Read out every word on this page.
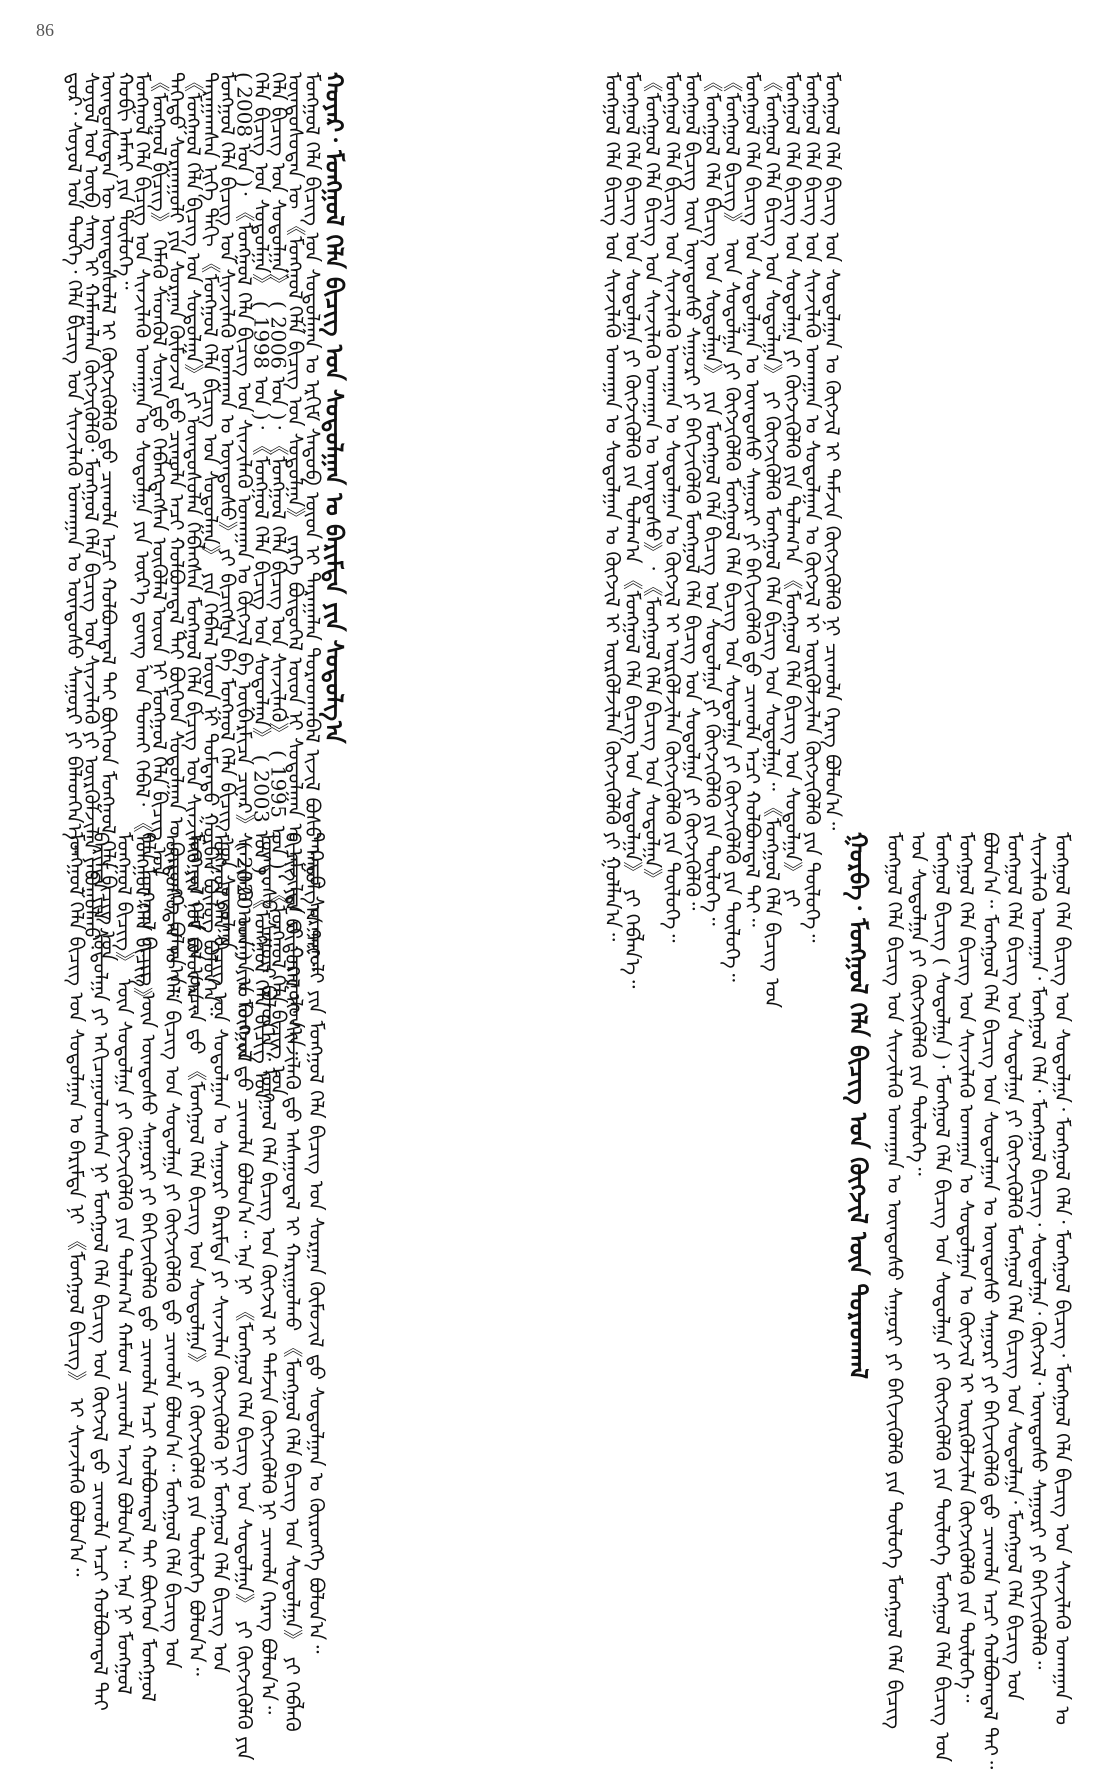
86
ᠳ᠋ᠤᠷ᠂ ᠰᠣᠶᠣᠯ ᠤᠨ ᠲᠡᠦᠬᠡ᠂ ᠬᠡᠯᠡ ᠪᠢᠴᠢᠭ ᠤᠨ ᠰᠢᠨᠵᠢᠯᠡᠬᠦ ᠤᠬᠠᠭᠠᠨ ᠤ ᠦᠨᠳᠦᠰᠦ ᠰᠠᠭᠤᠷᠢ ᠶᠢ ᠪᠡᠯᠡᠳᠬᠡᠨ᠎ᠡ᠃
ᠰᠣᠶᠣᠯ ᠤᠨ ᠦᠪ ᠰᠠᠩ ᠢ ᠬᠠᠮᠠᠭᠠᠯᠠᠨ ᠬᠥᠭᠵᠢᠭᠦᠯᠬᠦ᠂ ᠮᠣᠩᠭᠣᠯ ᠬᠡᠯᠡ ᠪᠢᠴᠢᠭ ᠤᠨ ᠰᠢᠨᠵᠢᠯᠡᠬᠦ ᠶᠢ ᠦᠷᠭᠦᠯᠵᠢᠯᠡᠨ ᠶᠠᠪᠤᠭᠤᠯᠬᠤ᠂
ᠦᠨᠳᠦᠰᠦᠲᠡᠨ ᠦ ᠦᠨᠳᠦᠰᠦᠯᠡᠯ ᠢ ᠬᠥᠭᠵᠢᠭᠦᠯᠬᠦ ᠳ᠋ᠤ ᠴᠢᠬᠤᠯᠠ ᠠᠴᠢ ᠬᠣᠯᠪᠣᠭᠳᠠᠯ ᠲᠠᠢ ᠪᠥᠭᠡᠳ ᠮᠣᠩᠭᠣᠯ ᠬᠡᠯᠡ ᠪᠢᠴᠢᠭ ᠤᠨ
ᠬᠣᠪᠢ ᠨᠡᠮᠡᠷᠢ ᠶᠢᠨ ᠲᠥᠯᠥᠭᠡ᠃
ᠮᠣᠩᠭᠣᠯ ᠬᠡᠯᠡ ᠪᠢᠴᠢᠭ ᠤᠨ ᠰᠢᠨᠵᠢᠯᠡᠬᠦ ᠤᠬᠠᠭᠠᠨ ᠤ ᠰᠤᠳᠤᠯᠭᠠ ᠶᠢᠨ ᠦᠷ᠎ᠡ ᠳ᠋ᠦᠩ ᠤᠨ ᠲᠤᠬᠠᠢ ᠭᠡᠪᠡᠯ᠂ 《ᠮᠣᠩᠭᠣᠯ ᠬᠡᠯᠡ ᠪᠢᠴᠢᠭ᠌》
《ᠮᠣᠩᠭᠣᠯ ᠪᠢᠴᠢᠭ᠌》 ᠬᠡᠮᠡᠬᠦ ᠰᠡᠳᠬᠦᠯ ᠰᠣᠨᠢᠨ ᠳ᠋ᠤ ᠬᠡᠪᠯᠡᠭᠳᠡᠭᠰᠡᠨ ᠥᠭᠦᠯᠡᠯ ᠦᠳ ᠨᠢ ᠮᠣᠩᠭᠣᠯ ᠬᠡᠯᠡ ᠪᠢᠴᠢᠭ ᠤᠨ
ᠳᠡᠭᠡᠳᠦ ᠰᠤᠷᠭᠠᠭᠤᠯᠢ ᠶᠢᠨ ᠰᠤᠷᠭᠠᠨ ᠬᠦᠮᠦᠵᠢᠯ ᠳ᠋ᠦ ᠴᠢᠬᠤᠯᠠ ᠠᠴᠢ ᠬᠣᠯᠪᠣᠭᠳᠠᠯ ᠲᠠᠢ ᠪᠥᠭᠡᠳ ᠰᠤᠳᠤᠯᠭᠠᠨ ᠤ ᠬᠥᠷᠥᠩᠭᠡ ᠪᠣᠯᠤᠨ᠎ᠠ᠃
《ᠮᠣᠩᠭᠣᠯ ᠬᠡᠯᠡ ᠪᠢᠴᠢᠭ ᠤᠨ ᠰᠤᠳᠤᠯᠭᠠ》 ᠶᠢ ᠦᠨᠳᠦᠰᠦᠯᠡᠨ ᠬᠡᠪᠯᠡᠭᠰᠡᠨ ᠮᠣᠩᠭᠣᠯ ᠬᠡᠯᠡ ᠪᠢᠴᠢᠭ ᠤᠨ ᠰᠢᠨᠵᠢᠯᠡᠬᠦ ᠶᠢᠨ ᠨᠣᠮ ᠪᠣᠯᠤᠨ᠎ᠠ᠃
ᠲᠠᠷᠠᠭᠠᠭᠰᠠᠨ ᠨᠢᠭᠡ ᠳᠡᠬᠢ 《ᠮᠣᠩᠭᠣᠯ ᠬᠡᠯᠡ ᠪᠢᠴᠢᠭ ᠤᠨ ᠰᠤᠳᠤᠯᠭᠠ》 ᠶᠢᠨ ᠬᠡᠪᠯᠡᠯ ᠦᠳ ᠨᠢ ᠳᠤᠮᠳᠠᠳᠤ ᠭᠤᠷᠪᠠᠨ ᠪᠦᠯᠦᠭ ᠪᠣᠯᠤᠨ᠎ᠠ᠃
ᠮᠣᠩᠭᠣᠯ ᠬᠡᠯᠡ ᠪᠢᠴᠢᠭ ᠤᠨ ᠰᠢᠨᠵᠢᠯᠡᠬᠦ ᠤᠬᠠᠭᠠᠨ ᠤ ᠦᠨᠳᠦᠰᠦ》 ᠶᠢ ᠪᠢᠴᠢᠭᠰᠡᠨ ᠪᠠ ᠮᠣᠩᠭᠣᠯ ᠬᠡᠯᠡ ᠪᠢᠴᠢᠭ ᠤᠨ ᠰᠤᠳᠤᠯᠭᠠ
( 2008 ᠣᠨ )᠂ 《ᠮᠣᠩᠭᠣᠯ ᠬᠡᠯᠡ ᠪᠢᠴᠢᠭ ᠤᠨ ᠰᠢᠨᠵᠢᠯᠡᠬᠦ ᠤᠬᠠᠭᠠᠨ ᠤ ᠬᠥᠭᠵᠢᠯ ᠪᠠ ᠦᠪᠡᠷᠮᠢᠴᠡ ᠴᠢᠨᠠᠷ》 ( 2020 ᠣᠨ ) ᠶᠢᠨ ᠮᠣᠩᠭᠣᠯ
ᠬᠡᠯᠡ ᠪᠢᠴᠢᠭ ᠤᠨ ᠰᠤᠳᠤᠯᠭᠠ》 ( 1998 ᠣᠨ )᠂ 《ᠮᠣᠩᠭᠣᠯ ᠬᠡᠯᠡ ᠪᠢᠴᠢᠭ ᠤᠨ ᠰᠤᠳᠤᠯᠭᠠ》 ( 2003 ᠣᠨ )᠂ 《ᠮᠣᠩᠭᠣᠯ ᠬᠡᠯᠡ ᠪᠢᠴᠢᠭ ᠤᠨ
ᠬᠡᠯᠡ ᠪᠢᠴᠢᠭ ᠤᠨ ᠰᠤᠳᠤᠯᠭᠠ》 ( 2006 ᠣᠨ )᠂ 《ᠮᠣᠩᠭᠣᠯ ᠬᠡᠯᠡ ᠪᠢᠴᠢᠭ ᠤᠨ ᠰᠢᠨᠵᠢᠯᠡᠬᠦ》 ( 1995 ᠣᠨ )᠂ 《ᠮᠣᠩᠭᠣᠯ ᠬᠡᠯᠡ ᠪᠢᠴᠢᠭ ᠤᠨ
ᠦᠨᠳᠦᠰᠦᠲᠡᠨ ᠦ 《ᠮᠣᠩᠭᠣᠯ ᠬᠡᠯᠡ ᠪᠢᠴᠢᠭ ᠤᠨ ᠰᠤᠳᠤᠯᠭᠠ》 ᠵᠡᠷᠭᠡ ᠪᠦᠲᠦᠭᠡᠯ ᠦᠳ ᠨᠢ ᠰᠤᠳᠤᠯᠭᠠᠨ ᠤ ᠠᠮᠵᠢᠯᠲᠠ ᠶᠢ ᠬᠠᠷᠠᠭᠤᠯᠤᠨ᠎ᠠ᠃
ᠮᠣᠩᠭᠣᠯ ᠬᠡᠯᠡ ᠪᠢᠴᠢᠭ ᠤᠨ ᠰᠤᠳᠤᠯᠭᠠᠨ ᠤ ᠡᠷᠬᠢᠮ ᠰᠡᠳᠦᠪ ᠦᠳ ᠢ ᠳᠠᠷᠠᠭᠠᠯᠠᠨ ᠳᠤᠷᠠᠳᠬᠠᠪᠠᠯ ᠢᠵᠢᠯ ᠪᠤᠰᠤ ᠠᠭᠤᠯᠭ᠎ᠠ ᠲᠠᠢ᠃
ᠬᠣᠶᠠᠷ᠂ ᠮᠣᠩᠭᠣᠯ ᠬᠡᠯᠡ ᠪᠢᠴᠢᠭ ᠤᠨ ᠰᠤᠳᠤᠯᠭᠠᠨ ᠤ ᠪᠠᠷᠢᠮᠲᠠ ᠶᠢᠨ ᠰᠤᠳᠤᠯᠭ᠎ᠠ
ᠮᠣᠩᠭᠣᠯ ᠬᠡᠯᠡ ᠪᠢᠴᠢᠭ ᠤᠨ ᠰᠤᠳᠤᠯᠭᠠᠨ ᠤ ᠪᠠᠷᠢᠮᠲᠠ ᠨᠢ 《ᠮᠣᠩᠭᠣᠯ ᠪᠢᠴᠢᠭ᠌》 ᠢ ᠰᠢᠨᠵᠢᠯᠡᠬᠦ ᠪᠣᠯᠤᠨ᠎ᠠ᠃ ᠪᠠᠷᠢᠮᠲᠠ ᠶᠢᠨ ᠰᠤᠳᠤᠯᠭᠠ ᠶᠢ ᠠᠬᠢᠴᠠᠭᠤᠯᠤᠭᠰᠠᠨ ᠨᠢ ᠮᠣᠩᠭᠣᠯ ᠬᠡᠯᠡ ᠪᠢᠴᠢᠭ ᠤᠨ ᠬᠥᠭᠵᠢᠯ ᠳ᠋ᠤ ᠴᠢᠬᠤᠯᠠ ᠠᠴᠢ ᠬᠣᠯᠪᠣᠭᠳᠠᠯ ᠲᠠᠢ ᠮᠣᠩᠭᠣᠯ ᠪᠢᠴᠢᠭ᠌》 ᠦᠨ ᠰᠤᠳᠤᠯᠭᠠ ᠶᠢ ᠬᠥᠭᠵᠢᠭᠦᠯᠬᠦ ᠶᠢᠨ ᠲᠤᠯᠠᠭ᠎ᠠ ᠬᠠᠮᠤᠭ ᠴᠢᠬᠤᠯᠠ ᠠᠵᠢᠯ ᠪᠣᠯᠤᠨ᠎ᠠ᠃ ᠡᠨᠡ ᠨᠢ ᠮᠣᠩᠭᠣᠯ ᠬᠡᠯᠡ ᠮᠣᠩᠭᠣᠯ ᠪᠢᠴᠢᠭ ᠦᠨ ᠦᠨᠳᠦᠰᠦ ᠰᠠᠭᠤᠷᠢ ᠶᠢ ᠪᠡᠬᠢᠵᠢᠭᠦᠯᠬᠦ ᠳ᠋ᠦ ᠴᠢᠬᠤᠯᠠ ᠠᠴᠢ ᠬᠣᠯᠪᠣᠭᠳᠠᠯ ᠲᠠᠢ ᠪᠥᠭᠡᠳ ᠮᠣᠩᠭᠣᠯ ᠦᠨᠳᠦᠰᠦᠲᠡᠨ ᠦ ᠬᠡᠯᠡ ᠪᠢᠴᠢᠭ ᠤᠨ ᠰᠤᠳᠤᠯᠭᠠ ᠶᠢ ᠬᠥᠭᠵᠢᠭᠦᠯᠬᠦ ᠳ᠋ᠤ ᠴᠢᠬᠤᠯᠠ ᠪᠣᠯᠤᠨ᠎ᠠ᠃ ᠮᠣᠩᠭᠣᠯ ᠬᠡᠯᠡ ᠪᠢᠴᠢᠭ ᠤᠨ ᠮᠣᠩᠭᠣᠯ ᠬᠡᠯᠡ ᠶᠢᠨ ᠤᠷᠴᠢᠨ ᠳ᠋ᠤ 《ᠮᠣᠩᠭᠣᠯ ᠬᠡᠯᠡ ᠪᠢᠴᠢᠭ ᠤᠨ ᠰᠤᠳᠤᠯᠭᠠ》 ᠶᠢ ᠬᠥᠭᠵᠢᠭᠦᠯᠬᠦ ᠶᠢᠨ ᠲᠥᠯᠥᠭᠡ ᠪᠣᠯᠤᠨ᠎ᠠ᠃ ᠮᠣᠩᠭᠣᠯ ᠬᠡᠯᠡ ᠪᠢᠴᠢᠭ ᠤᠨ ᠰᠤᠳᠤᠯᠭᠠᠨ ᠤ ᠰᠠᠭᠤᠷᠢ ᠪᠠᠷᠢᠮᠲᠠ ᠶᠢ ᠰᠢᠨᠵᠢᠯᠡᠨ ᠬᠥᠭᠵᠢᠭᠦᠯᠬᠦ ᠨᠢ ᠮᠣᠩᠭᠣᠯ ᠬᠡᠯᠡ ᠪᠢᠴᠢᠭ ᠤᠨ ᠰᠢᠨᠵᠢᠯᠡᠬᠦ ᠤᠬᠠᠭᠠᠨ ᠤ ᠬᠥᠭᠵᠢᠯ ᠳ᠋ᠦ ᠴᠢᠬᠤᠯᠠ ᠪᠣᠯᠤᠨ᠎ᠠ᠃ ᠡᠨᠡ ᠨᠢ 《ᠮᠣᠩᠭᠣᠯ ᠬᠡᠯᠡ ᠪᠢᠴᠢᠭ ᠤᠨ ᠰᠤᠳᠤᠯᠭᠠ》 ᠶᠢ ᠬᠥᠭᠵᠢᠭᠦᠯᠬᠦ ᠶᠢᠨ ᠦᠨᠳᠦᠰᠦ ᠰᠠᠭᠤᠷᠢ ᠪᠣᠯᠤᠨ᠎ᠠ᠃ ᠮᠣᠩᠭᠣᠯ ᠬᠡᠯᠡ ᠪᠢᠴᠢᠭ ᠤᠨ ᠬᠥᠭᠵᠢᠯ ᠢ ᠳᠡᠮᠵᠢᠨ ᠬᠥᠭᠵᠢᠭᠦᠯᠬᠦ ᠨᠢ ᠴᠢᠬᠤᠯᠠ ᠬᠡᠷᠡᠭ ᠪᠣᠯᠤᠨ᠎ᠠ᠃ ᠪᠢᠴᠢᠭ᠌ ᠶᠢᠨ ᠪᠦᠲᠦᠭᠡᠯ ᠢ ᠰᠢᠨᠵᠢᠯᠡᠬᠦ ᠳ᠋ᠦ ᠠᠰᠠᠭᠤᠳᠠᠯ ᠢ ᠬᠠᠷᠢᠭᠤᠯᠬᠤ 《ᠮᠣᠩᠭᠣᠯ ᠬᠡᠯᠡ ᠪᠢᠴᠢᠭ ᠤᠨ ᠰᠤᠳᠤᠯᠭᠠ》 ᠶᠢ ᠬᠡᠪᠯᠡᠬᠦ ᠳᠡᠭᠡᠳᠦ ᠰᠤᠷᠭᠠᠭᠤᠯᠢ ᠶᠢᠨ ᠮᠣᠩᠭᠣᠯ ᠬᠡᠯᠡ ᠪᠢᠴᠢᠭ ᠤᠨ ᠰᠤᠷᠭᠠᠨ ᠬᠦᠮᠦᠵᠢᠯ ᠳ᠋ᠦ ᠰᠤᠳᠤᠯᠭᠠᠨ ᠤ ᠬᠥᠷᠥᠩᠭᠡ ᠪᠣᠯᠤᠨ᠎ᠠ᠃
ᠮᠣᠩᠭᠣᠯ ᠬᠡᠯᠡ ᠪᠢᠴᠢᠭ ᠤᠨ ᠰᠢᠨᠵᠢᠯᠡᠬᠦ ᠤᠬᠠᠭᠠᠨ ᠤ ᠰᠤᠳᠤᠯᠭᠠᠨ ᠤ ᠬᠥᠭᠵᠢᠯ ᠢ ᠦᠷᠭᠦᠯᠵᠢᠯᠡᠨ ᠬᠥᠭᠵᠢᠭᠦᠯᠬᠦ ᠶᠢ ᠭᠣᠯᠯᠠᠨ᠎ᠠ᠃
ᠮᠣᠩᠭᠣᠯ ᠬᠡᠯᠡ ᠪᠢᠴᠢᠭ ᠤᠨ ᠰᠤᠳᠤᠯᠭᠠ ᠶᠢ ᠬᠥᠭᠵᠢᠭᠦᠯᠬᠦ ᠶᠢᠨ ᠲᠤᠯᠠᠭ᠎ᠠ 《ᠮᠣᠩᠭᠣᠯ ᠬᠡᠯᠡ ᠪᠢᠴᠢᠭ ᠤᠨ ᠰᠤᠳᠤᠯᠭᠠ》 ᠶᠢ ᠬᠡᠪᠯᠡᠨ᠎ᠡ᠃
《ᠮᠣᠩᠭᠣᠯ ᠬᠡᠯᠡ ᠪᠢᠴᠢᠭ ᠤᠨ ᠰᠢᠨᠵᠢᠯᠡᠬᠦ ᠤᠬᠠᠭᠠᠨ ᠤ ᠦᠨᠳᠦᠰᠦ》᠂ 《ᠮᠣᠩᠭᠣᠯ ᠬᠡᠯᠡ ᠪᠢᠴᠢᠭ ᠤᠨ ᠰᠤᠳᠤᠯᠭᠠ》
ᠮᠣᠩᠭᠣᠯ ᠬᠡᠯᠡ ᠪᠢᠴᠢᠭ ᠤᠨ ᠰᠢᠨᠵᠢᠯᠡᠬᠦ ᠤᠬᠠᠭᠠᠨ ᠤ ᠰᠤᠳᠤᠯᠭᠠᠨ ᠤ ᠬᠥᠭᠵᠢᠯ ᠢ ᠦᠷᠭᠦᠯᠵᠢᠯᠡᠨ ᠬᠥᠭᠵᠢᠭᠦᠯᠬᠦ ᠶᠢᠨ ᠲᠥᠯᠥᠭᠡ᠃
ᠮᠣᠩᠭᠣᠯ ᠪᠢᠴᠢᠭ᠌ ᠦᠨ ᠦᠨᠳᠦᠰᠦ ᠰᠠᠭᠤᠷᠢ ᠶᠢ ᠪᠡᠬᠢᠵᠢᠭᠦᠯᠬᠦ ᠮᠣᠩᠭᠣᠯ ᠬᠡᠯᠡ ᠪᠢᠴᠢᠭ ᠤᠨ ᠰᠤᠳᠤᠯᠭᠠ ᠶᠢ ᠬᠥᠭᠵᠢᠭᠦᠯᠬᠦ᠃
《ᠮᠣᠩᠭᠣᠯ ᠬᠡᠯᠡ ᠪᠢᠴᠢᠭ ᠤᠨ ᠰᠤᠳᠤᠯᠭᠠ》 ᠶᠢᠨ ᠮᠣᠩᠭᠣᠯ ᠬᠡᠯᠡ ᠪᠢᠴᠢᠭ ᠤᠨ ᠰᠤᠳᠤᠯᠭᠠ ᠶᠢ ᠬᠥᠭᠵᠢᠭᠦᠯᠬᠦ ᠶᠢᠨ ᠲᠥᠯᠥᠭᠡ᠃
《ᠮᠣᠩᠭᠣᠯ ᠪᠢᠴᠢᠭ᠌》 ᠦᠨ ᠰᠤᠳᠤᠯᠭᠠ ᠶᠢ ᠬᠥᠭᠵᠢᠭᠦᠯᠬᠦ ᠮᠣᠩᠭᠣᠯ ᠬᠡᠯᠡ ᠪᠢᠴᠢᠭ ᠤᠨ ᠰᠤᠳᠤᠯᠭᠠ ᠶᠢ ᠬᠥᠭᠵᠢᠭᠦᠯᠬᠦ ᠶᠢᠨ ᠲᠥᠯᠥᠭᠡ᠃
ᠮᠣᠩᠭᠣᠯ ᠬᠡᠯᠡ ᠪᠢᠴᠢᠭ ᠤᠨ ᠰᠤᠳᠤᠯᠭᠠᠨ ᠤ ᠦᠨᠳᠦᠰᠦ ᠰᠠᠭᠤᠷᠢ ᠶᠢ ᠪᠡᠬᠢᠵᠢᠭᠦᠯᠬᠦ ᠳ᠋ᠦ ᠴᠢᠬᠤᠯᠠ ᠠᠴᠢ ᠬᠣᠯᠪᠣᠭᠳᠠᠯ ᠲᠠᠢ᠃
《ᠮᠣᠩᠭᠣᠯ ᠬᠡᠯᠡ ᠪᠢᠴᠢᠭ ᠤᠨ ᠰᠤᠳᠤᠯᠭᠠ》 ᠶᠢ ᠬᠥᠭᠵᠢᠭᠦᠯᠬᠦ ᠮᠣᠩᠭᠣᠯ ᠬᠡᠯᠡ ᠪᠢᠴᠢᠭ ᠤᠨ ᠰᠤᠳᠤᠯᠭᠠ᠃ 《ᠮᠣᠩᠭᠣᠯ ᠬᠡᠯᠡ ᠪᠢᠴᠢᠭ ᠤᠨ
ᠮᠣᠩᠭᠣᠯ ᠬᠡᠯᠡ ᠪᠢᠴᠢᠭ ᠤᠨ ᠰᠤᠳᠤᠯᠭᠠ ᠶᠢ ᠬᠥᠭᠵᠢᠭᠦᠯᠬᠦ ᠶᠢᠨ ᠲᠤᠯᠠᠭ᠎ᠠ 《ᠮᠣᠩᠭᠣᠯ ᠬᠡᠯᠡ ᠪᠢᠴᠢᠭ ᠤᠨ ᠰᠤᠳᠤᠯᠭᠠ》 ᠶᠢ
ᠮᠣᠩᠭᠣᠯ ᠬᠡᠯᠡ ᠪᠢᠴᠢᠭ ᠤᠨ ᠰᠢᠨᠵᠢᠯᠡᠬᠦ ᠤᠬᠠᠭᠠᠨ ᠤ ᠰᠤᠳᠤᠯᠭᠠᠨ ᠤ ᠬᠥᠭᠵᠢᠯ ᠢ ᠦᠷᠭᠦᠯᠵᠢᠯᠡᠨ ᠬᠥᠭᠵᠢᠭᠦᠯᠬᠦ ᠶᠢᠨ ᠲᠥᠯᠥᠭᠡ᠃
ᠮᠣᠩᠭᠣᠯ ᠬᠡᠯᠡ ᠪᠢᠴᠢᠭ ᠤᠨ ᠰᠤᠳᠤᠯᠭᠠᠨ ᠤ ᠬᠥᠭᠵᠢᠯ ᠢ ᠳᠡᠮᠵᠢᠨ ᠬᠥᠭᠵᠢᠭᠦᠯᠬᠦ ᠨᠢ ᠴᠢᠬᠤᠯᠠ ᠬᠡᠷᠡᠭ ᠪᠣᠯᠤᠨ᠎ᠠ᠃
ᠭᠤᠷᠪᠠ᠂ ᠮᠣᠩᠭᠣᠯ ᠬᠡᠯᠡ ᠪᠢᠴᠢᠭ ᠤᠨ ᠬᠥᠭᠵᠢᠯ ᠦᠨ ᠳᠤᠷᠠᠳᠬᠠᠯ ᠮᠣᠩᠭᠣᠯ ᠬᠡᠯᠡ ᠪᠢᠴᠢᠭ ᠤᠨ ᠰᠢᠨᠵᠢᠯᠡᠬᠦ ᠤᠬᠠᠭᠠᠨ ᠤ ᠦᠨᠳᠦᠰᠦ ᠰᠠᠭᠤᠷᠢ ᠶᠢ ᠪᠡᠬᠢᠵᠢᠭᠦᠯᠬᠦ ᠶᠢᠨ ᠲᠥᠯᠥᠭᠡ ᠮᠣᠩᠭᠣᠯ ᠬᠡᠯᠡ ᠪᠢᠴᠢᠭ ᠤᠨ ᠰᠤᠳᠤᠯᠭᠠ ᠶᠢ ᠬᠥᠭᠵᠢᠭᠦᠯᠬᠦ ᠶᠢᠨ ᠲᠥᠯᠥᠭᠡ᠃ ᠮᠣᠩᠭᠣᠯ ᠪᠢᠴᠢᠭ᠌ ( ᠰᠤᠳᠤᠯᠭᠠ )᠂ ᠮᠣᠩᠭᠣᠯ ᠬᠡᠯᠡ ᠪᠢᠴᠢᠭ ᠤᠨ ᠰᠤᠳᠤᠯᠭᠠ ᠶᠢ ᠬᠥᠭᠵᠢᠭᠦᠯᠬᠦ ᠶᠢᠨ ᠲᠥᠯᠥᠭᠡ ᠮᠣᠩᠭᠣᠯ ᠬᠡᠯᠡ ᠪᠢᠴᠢᠭ ᠤᠨ ᠮᠣᠩᠭᠣᠯ ᠬᠡᠯᠡ ᠪᠢᠴᠢᠭ ᠤᠨ ᠰᠢᠨᠵᠢᠯᠡᠬᠦ ᠤᠬᠠᠭᠠᠨ ᠤ ᠰᠤᠳᠤᠯᠭᠠᠨ ᠤ ᠬᠥᠭᠵᠢᠯ ᠢ ᠦᠷᠭᠦᠯᠵᠢᠯᠡᠨ ᠬᠥᠭᠵᠢᠭᠦᠯᠬᠦ ᠶᠢᠨ ᠲᠥᠯᠥᠭᠡ᠃ ᠪᠣᠯᠤᠨ᠎ᠠ᠃ ᠮᠣᠩᠭᠣᠯ ᠬᠡᠯᠡ ᠪᠢᠴᠢᠭ ᠤᠨ ᠰᠤᠳᠤᠯᠭᠠᠨ ᠤ ᠦᠨᠳᠦᠰᠦ ᠰᠠᠭᠤᠷᠢ ᠶᠢ ᠪᠡᠬᠢᠵᠢᠭᠦᠯᠬᠦ ᠳ᠋ᠦ ᠴᠢᠬᠤᠯᠠ ᠠᠴᠢ ᠬᠣᠯᠪᠣᠭᠳᠠᠯ ᠲᠠᠢ᠃ ᠮᠣᠩᠭᠣᠯ ᠬᠡᠯᠡ ᠪᠢᠴᠢᠭ ᠤᠨ ᠰᠤᠳᠤᠯᠭᠠ ᠶᠢ ᠬᠥᠭᠵᠢᠭᠦᠯᠬᠦ ᠮᠣᠩᠭᠣᠯ ᠬᠡᠯᠡ ᠪᠢᠴᠢᠭ ᠤᠨ ᠰᠤᠳᠤᠯᠭᠠ᠂ ᠮᠣᠩᠭᠣᠯ ᠬᠡᠯᠡ ᠪᠢᠴᠢᠭ ᠤᠨ ᠰᠢᠨᠵᠢᠯᠡᠬᠦ ᠤᠬᠠᠭᠠᠨ᠂ ᠮᠣᠩᠭᠣᠯ ᠬᠡᠯᠡ᠂ ᠮᠣᠩᠭᠣᠯ ᠪᠢᠴᠢᠭ᠌᠂ ᠰᠤᠳᠤᠯᠭᠠ᠂ ᠬᠥᠭᠵᠢᠯ᠂ ᠦᠨᠳᠦᠰᠦ ᠰᠠᠭᠤᠷᠢ ᠶᠢ ᠪᠡᠬᠢᠵᠢᠭᠦᠯᠬᠦ᠃ ᠮᠣᠩᠭᠣᠯ ᠬᠡᠯᠡ ᠪᠢᠴᠢᠭ ᠤᠨ ᠰᠤᠳᠤᠯᠭᠠ᠂ ᠮᠣᠩᠭᠣᠯ ᠬᠡᠯᠡ᠂ ᠮᠣᠩᠭᠣᠯ ᠪᠢᠴᠢᠭ᠌᠂ ᠮᠣᠩᠭᠣᠯ ᠬᠡᠯᠡ ᠪᠢᠴᠢᠭ ᠤᠨ ᠰᠢᠨᠵᠢᠯᠡᠬᠦ ᠤᠬᠠᠭᠠᠨ ᠤ
